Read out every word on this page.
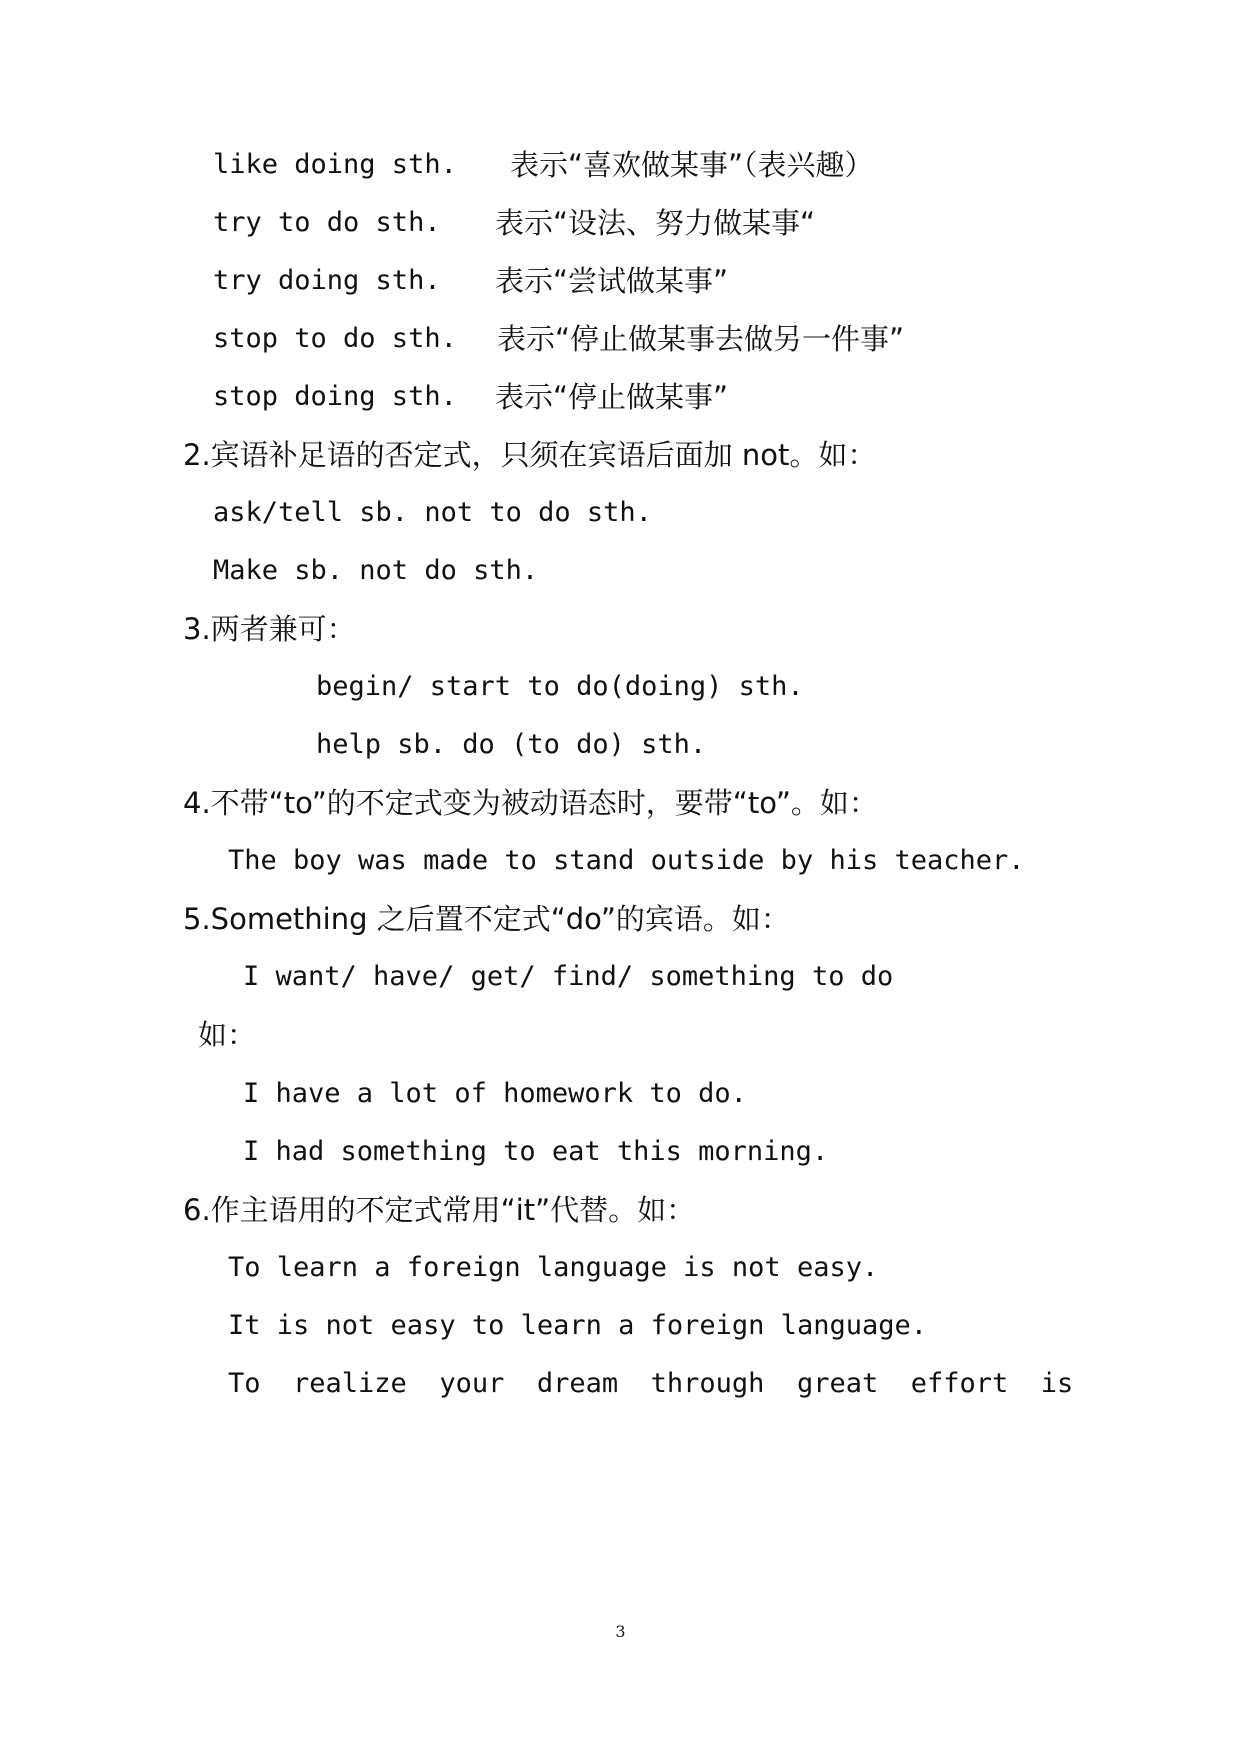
like doing sth. 表示“喜欢做某事”（表兴趣）
try to do sth. 表示“设法、努力做某事“
try doing sth. 表示“尝试做某事”
stop to do sth. 表示“停止做某事去做另一件事”
stop doing sth. 表示“停止做某事”
2.宾语补足语的否定式，只须在宾语后面加 not。如：
ask/tell sb. not to do sth.
Make sb. not do sth.
3.两者兼可：
begin/ start to do(doing) sth.
help sb. do (to do) sth.
4.不带“to”的不定式变为被动语态时，要带“to”。如：
The boy was made to stand outside by his teacher.
5.Something 之后置不定式“do”的宾语。如：
I want/ have/ get/ find/ something to do
如：
I have a lot of homework to do.
I had something to eat this morning.
6.作主语用的不定式常用“it”代替。如：
To learn a foreign language is not easy.
It is not easy to learn a foreign language.
To  realize  your  dream  through  great  effort  is
3
